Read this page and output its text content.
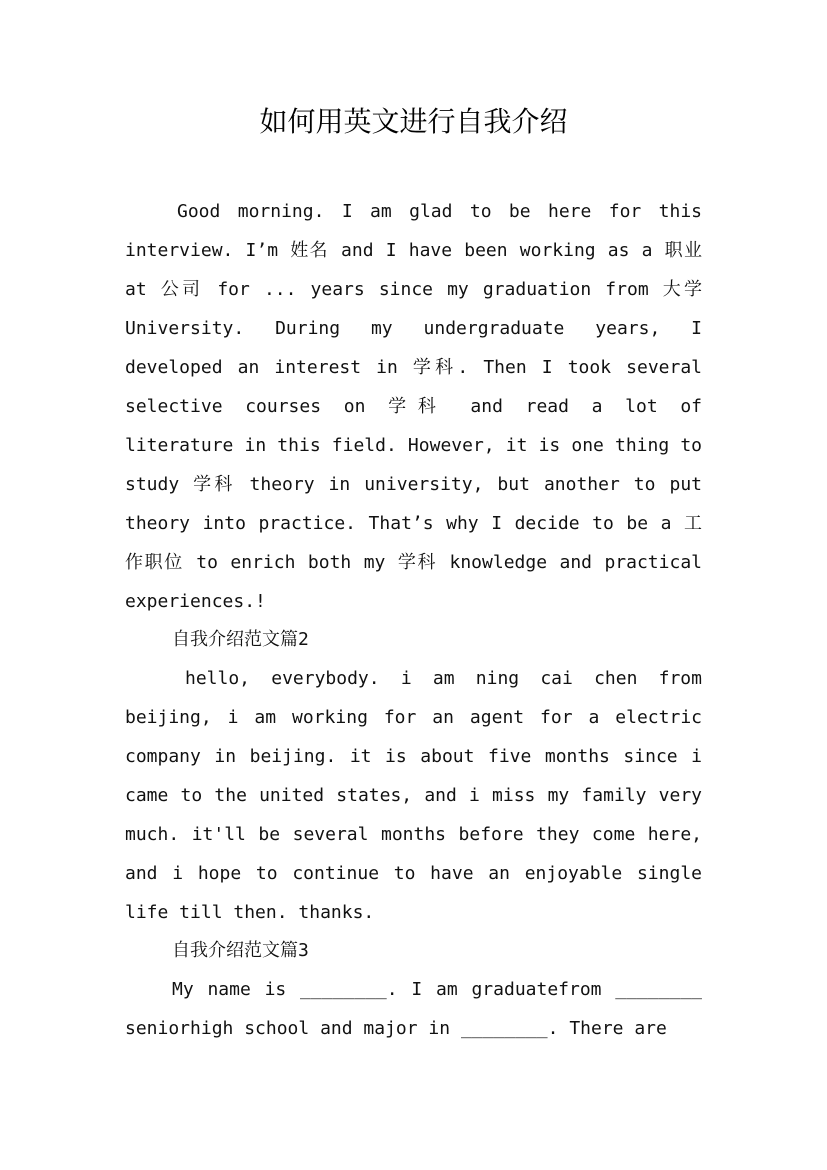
如何用英文进行自我介绍

Good morning. I am glad to be here for this interview. I’m 姓名 and I have been working as a 职业 at 公司 for ... years since my graduation from 大学 University. During my undergraduate years, I developed an interest in 学科. Then I took several selective courses on 学科 and read a lot of literature in this field. However, it is one thing to study 学科 theory in university, but another to put theory into practice. That’s why I decide to be a 工作职位 to enrich both my 学科 knowledge and practical experiences.!

自我介绍范文篇2

hello, everybody. i am ning cai chen from beijing, i am working for an agent for a electric company in beijing. it is about five months since i came to the united states, and i miss my family very much. it'll be several months before they come here, and i hope to continue to have an enjoyable single life till then. thanks.

自我介绍范文篇3

My name is ________. I am graduatefrom ________ seniorhigh school and major in ________. There are
